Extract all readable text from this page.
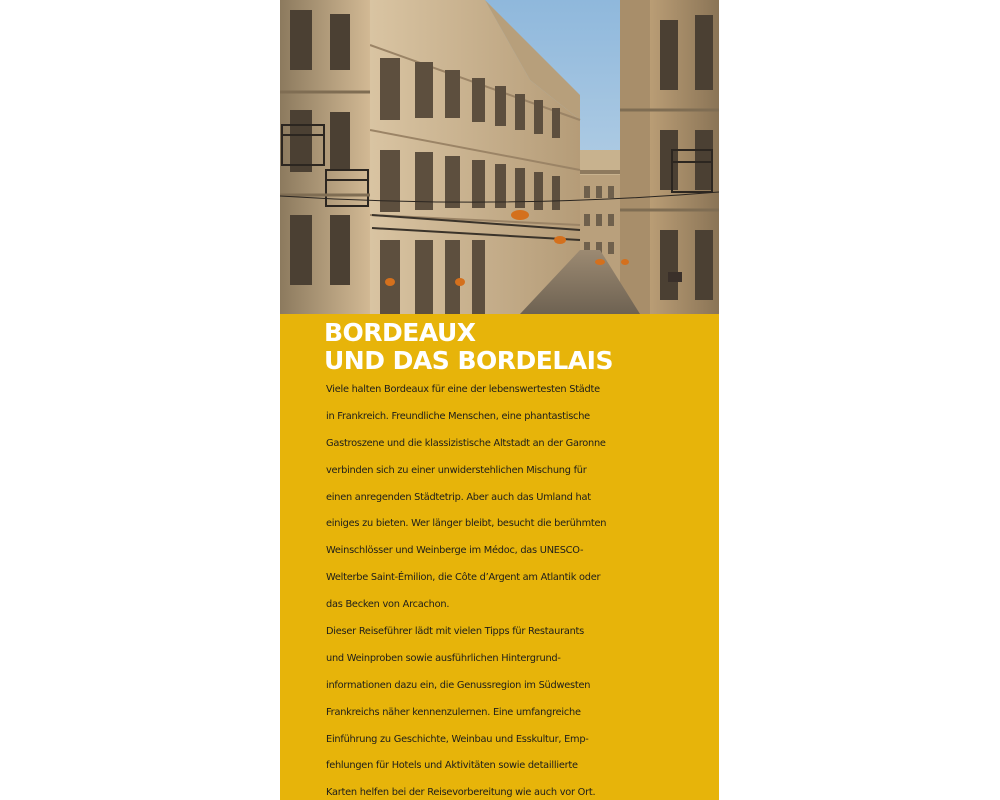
BORDEAUX
UND DAS BORDELAIS
Viele halten Bordeaux für eine der lebenswertesten Städte
in Frankreich. Freundliche Menschen, eine phantastische
Gastroszene und die klassizistische Altstadt an der Garonne
verbinden sich zu einer unwiderstehlichen Mischung für
einen anregenden Städtetrip. Aber auch das Umland hat
einiges zu bieten. Wer länger bleibt, besucht die berühmten
Weinschlösser und Weinberge im Médoc, das UNESCO-
Welterbe Saint-Émilion, die Côte d’Argent am Atlantik oder
das Becken von Arcachon.
Dieser Reiseführer lädt mit vielen Tipps für Restaurants
und Weinproben sowie ausführlichen Hintergrund-
informationen dazu ein, die Genussregion im Südwesten
Frankreichs näher kennenzulernen. Eine umfangreiche
Einführung zu Geschichte, Weinbau und Esskultur, Emp-
fehlungen für Hotels und Aktivitäten sowie detaillierte
Karten helfen bei der Reisevorbereitung wie auch vor Ort.
